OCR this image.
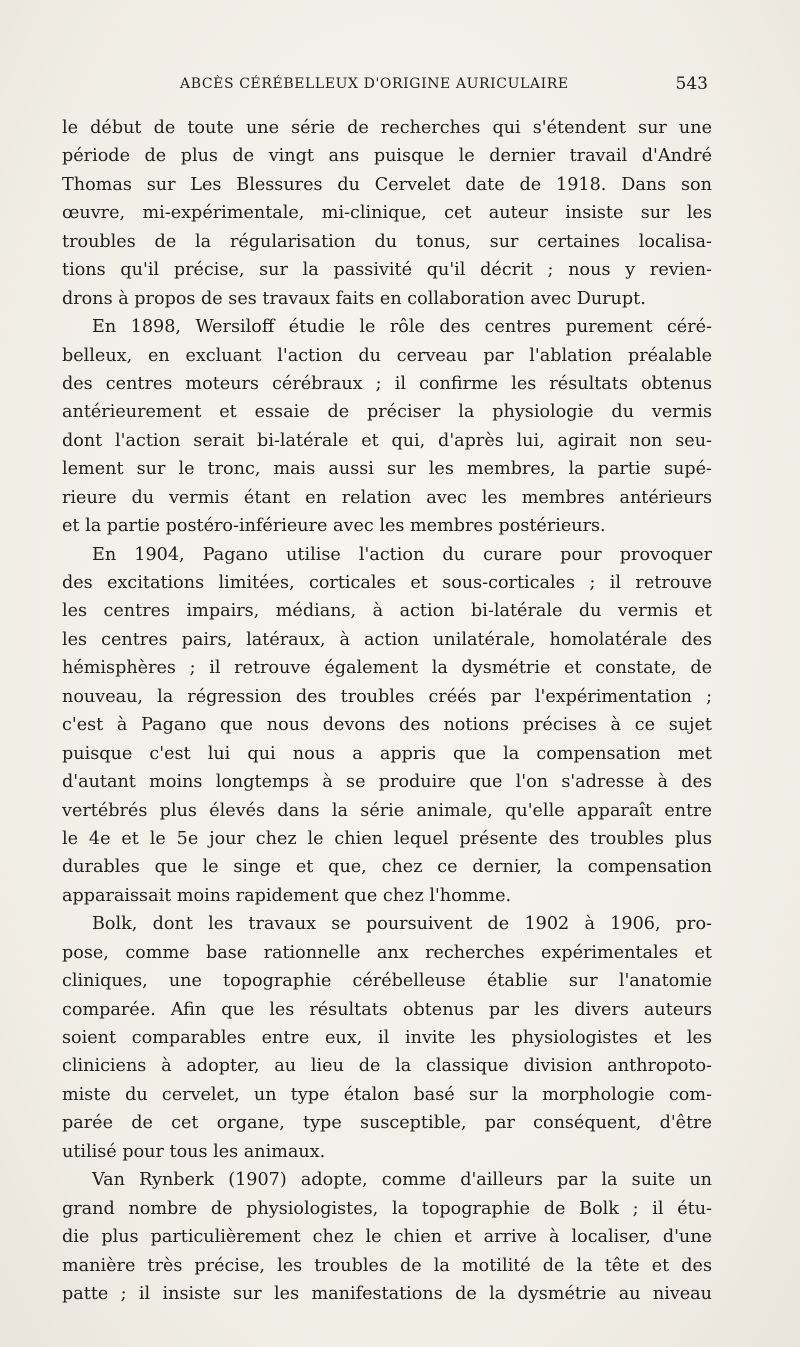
ABCÈS CÉRÉBELLEUX D'ORIGINE AURICULAIRE	543
le début de toute une série de recherches qui s'étendent sur une
période de plus de vingt ans puisque le dernier travail d'André
Thomas sur Les Blessures du Cervelet date de 1918. Dans son
œuvre, mi-expérimentale, mi-clinique, cet auteur insiste sur les
troubles de la régularisation du tonus, sur certaines localisa-
tions qu'il précise, sur la passivité qu'il décrit ; nous y revien-
drons à propos de ses travaux faits en collaboration avec Durupt.
En 1898, Wersiloff étudie le rôle des centres purement céré-
belleux, en excluant l'action du cerveau par l'ablation préalable
des centres moteurs cérébraux ; il confirme les résultats obtenus
antérieurement et essaie de préciser la physiologie du vermis
dont l'action serait bi-latérale et qui, d'après lui, agirait non seu-
lement sur le tronc, mais aussi sur les membres, la partie supé-
rieure du vermis étant en relation avec les membres antérieurs
et la partie postéro-inférieure avec les membres postérieurs.
En 1904, Pagano utilise l'action du curare pour provoquer
des excitations limitées, corticales et sous-corticales ; il retrouve
les centres impairs, médians, à action bi-latérale du vermis et
les centres pairs, latéraux, à action unilatérale, homolatérale des
hémisphères ; il retrouve également la dysmétrie et constate, de
nouveau, la régression des troubles créés par l'expérimentation ;
c'est à Pagano que nous devons des notions précises à ce sujet
puisque c'est lui qui nous a appris que la compensation met
d'autant moins longtemps à se produire que l'on s'adresse à des
vertébrés plus élevés dans la série animale, qu'elle apparaît entre
le 4e et le 5e jour chez le chien lequel présente des troubles plus
durables que le singe et que, chez ce dernier, la compensation
apparaissait moins rapidement que chez l'homme.
Bolk, dont les travaux se poursuivent de 1902 à 1906, pro-
pose, comme base rationnelle anx recherches expérimentales et
cliniques, une topographie cérébelleuse établie sur l'anatomie
comparée. Afin que les résultats obtenus par les divers auteurs
soient comparables entre eux, il invite les physiologistes et les
cliniciens à adopter, au lieu de la classique division anthropoto-
miste du cervelet, un type étalon basé sur la morphologie com-
parée de cet organe, type susceptible, par conséquent, d'être
utilisé pour tous les animaux.
Van Rynberk (1907) adopte, comme d'ailleurs par la suite un
grand nombre de physiologistes, la topographie de Bolk ; il étu-
die plus particulièrement chez le chien et arrive à localiser, d'une
manière très précise, les troubles de la motilité de la tête et des
patte ; il insiste sur les manifestations de la dysmétrie au niveau
